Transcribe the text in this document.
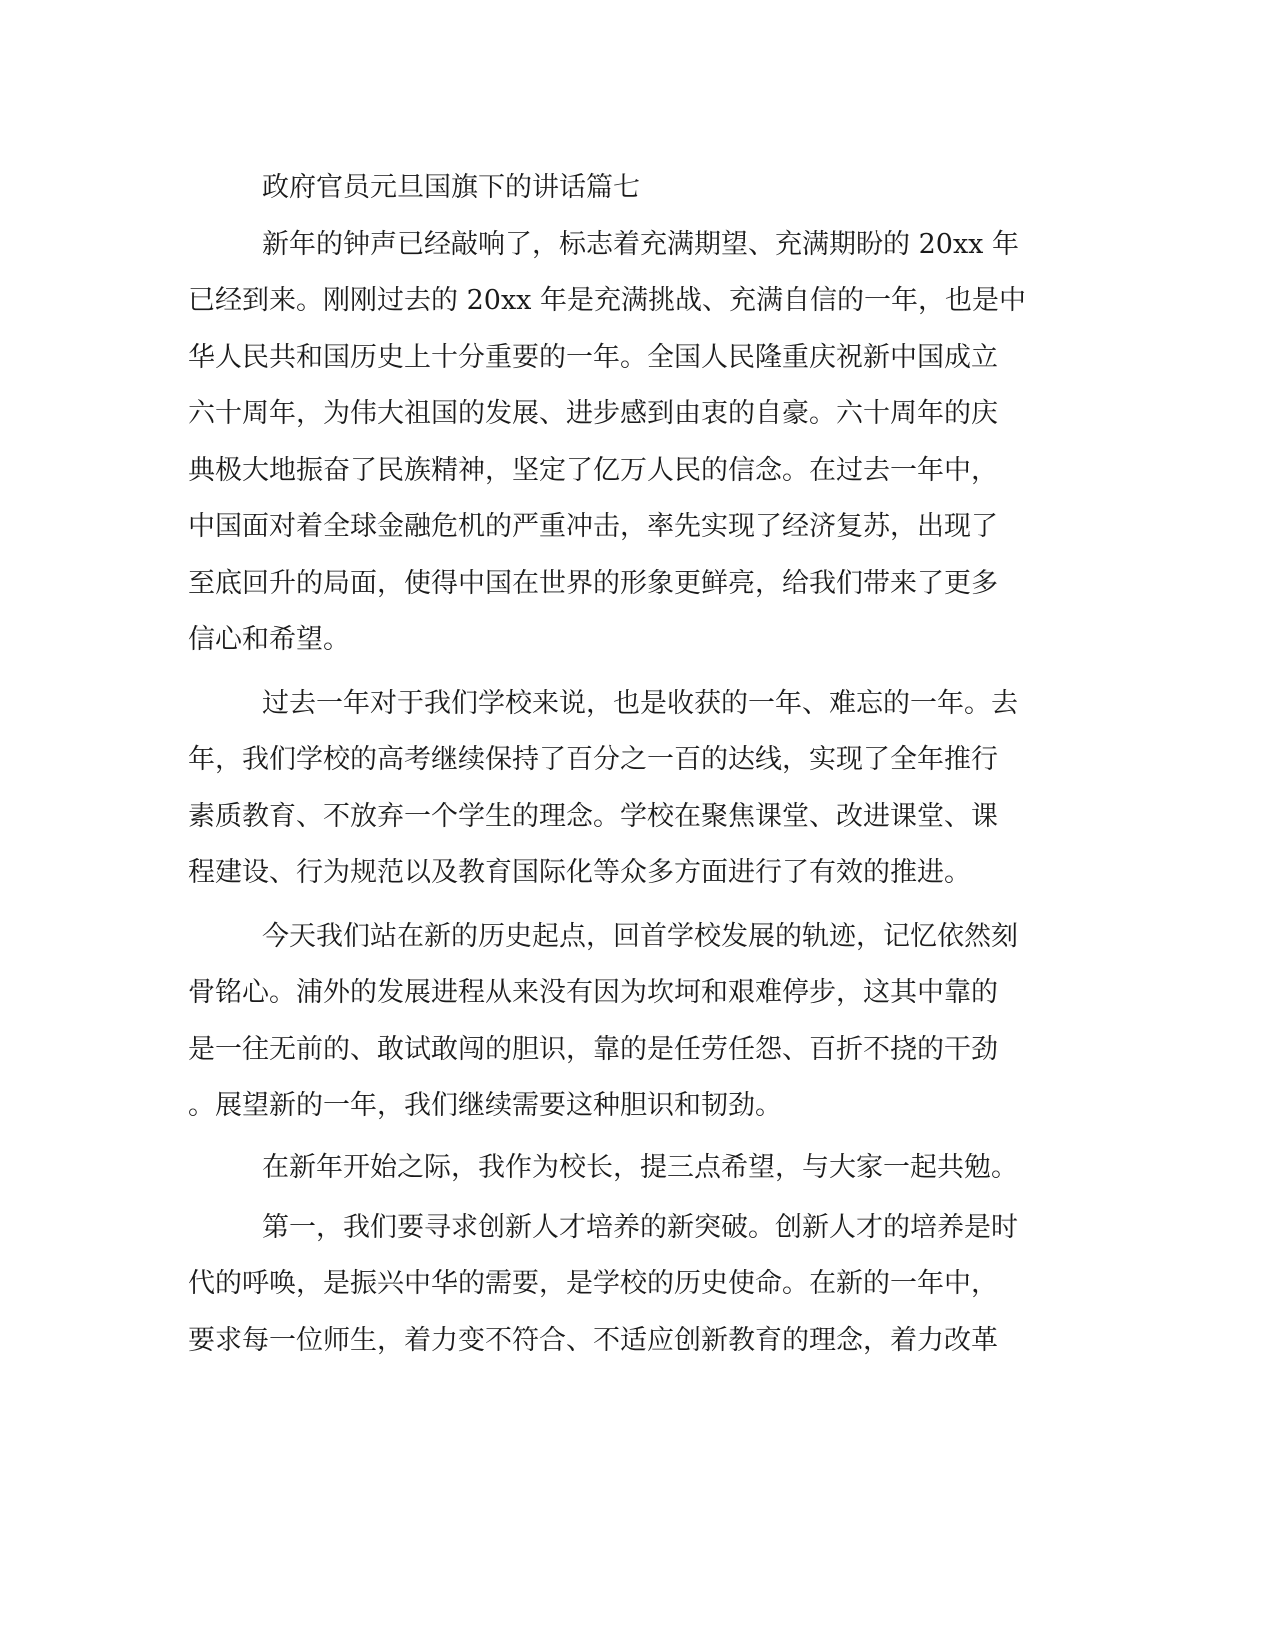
政府官员元旦国旗下的讲话篇七

新年的钟声已经敲响了，标志着充满期望、充满期盼的 20xx 年

已经到来。刚刚过去的 20xx 年是充满挑战、充满自信的一年，也是中

华人民共和国历史上十分重要的一年。全国人民隆重庆祝新中国成立

六十周年，为伟大祖国的发展、进步感到由衷的自豪。六十周年的庆

典极大地振奋了民族精神，坚定了亿万人民的信念。在过去一年中，

中国面对着全球金融危机的严重冲击，率先实现了经济复苏，出现了

至底回升的局面，使得中国在世界的形象更鲜亮，给我们带来了更多

信心和希望。

过去一年对于我们学校来说，也是收获的一年、难忘的一年。去

年，我们学校的高考继续保持了百分之一百的达线，实现了全年推行

素质教育、不放弃一个学生的理念。学校在聚焦课堂、改进课堂、课

程建设、行为规范以及教育国际化等众多方面进行了有效的推进。

今天我们站在新的历史起点，回首学校发展的轨迹，记忆依然刻

骨铭心。浦外的发展进程从来没有因为坎坷和艰难停步，这其中靠的

是一往无前的、敢试敢闯的胆识，靠的是任劳任怨、百折不挠的干劲

。展望新的一年，我们继续需要这种胆识和韧劲。

在新年开始之际，我作为校长，提三点希望，与大家一起共勉。

第一，我们要寻求创新人才培养的新突破。创新人才的培养是时

代的呼唤，是振兴中华的需要，是学校的历史使命。在新的一年中，

要求每一位师生，着力变不符合、不适应创新教育的理念，着力改革
